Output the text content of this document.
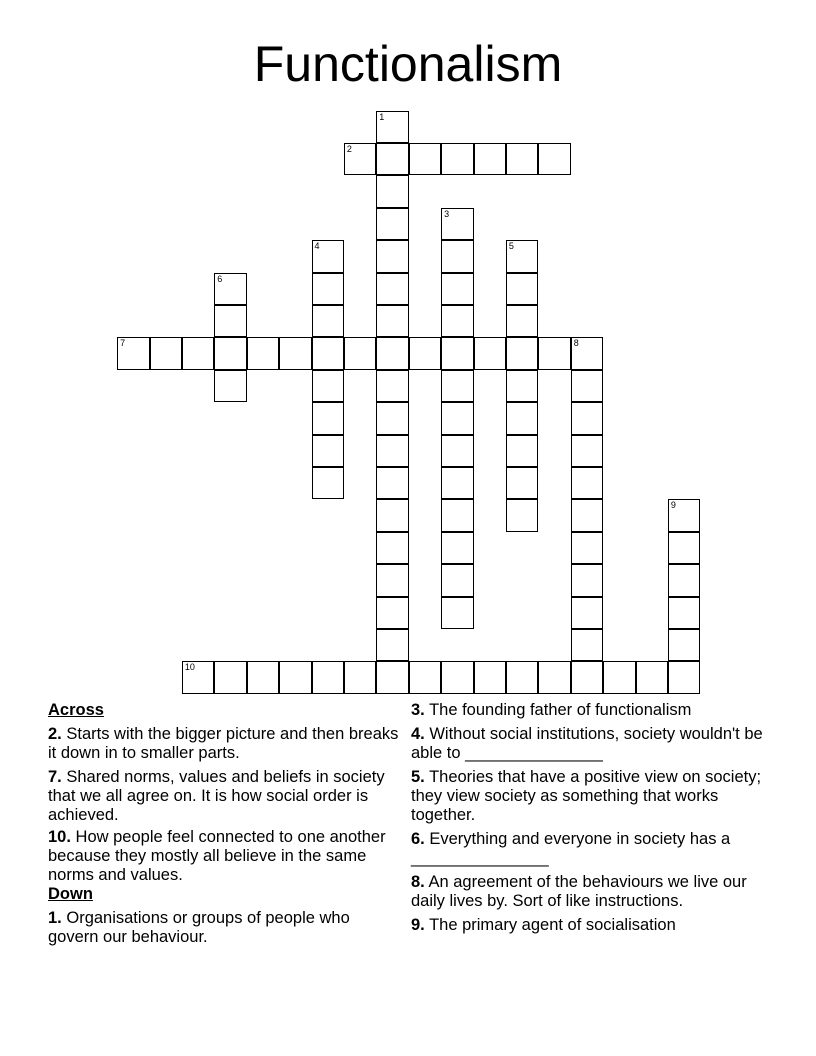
Functionalism
1
2
3
4	5
6
7	8
9
10
Across
2. Starts with the bigger picture and then breaks it down in to smaller parts.
7. Shared norms, values and beliefs in society that we all agree on. It is how social order is achieved.
10. How people feel connected to one another because they mostly all believe in the same norms and values.
Down
1. Organisations or groups of people who govern our behaviour.
3. The founding father of functionalism
4. Without social institutions, society wouldn't be able to _______________
5. Theories that have a positive view on society; they view society as something that works together.
6. Everything and everyone in society has a _______________
8. An agreement of the behaviours we live our daily lives by. Sort of like instructions.
9. The primary agent of socialisation
